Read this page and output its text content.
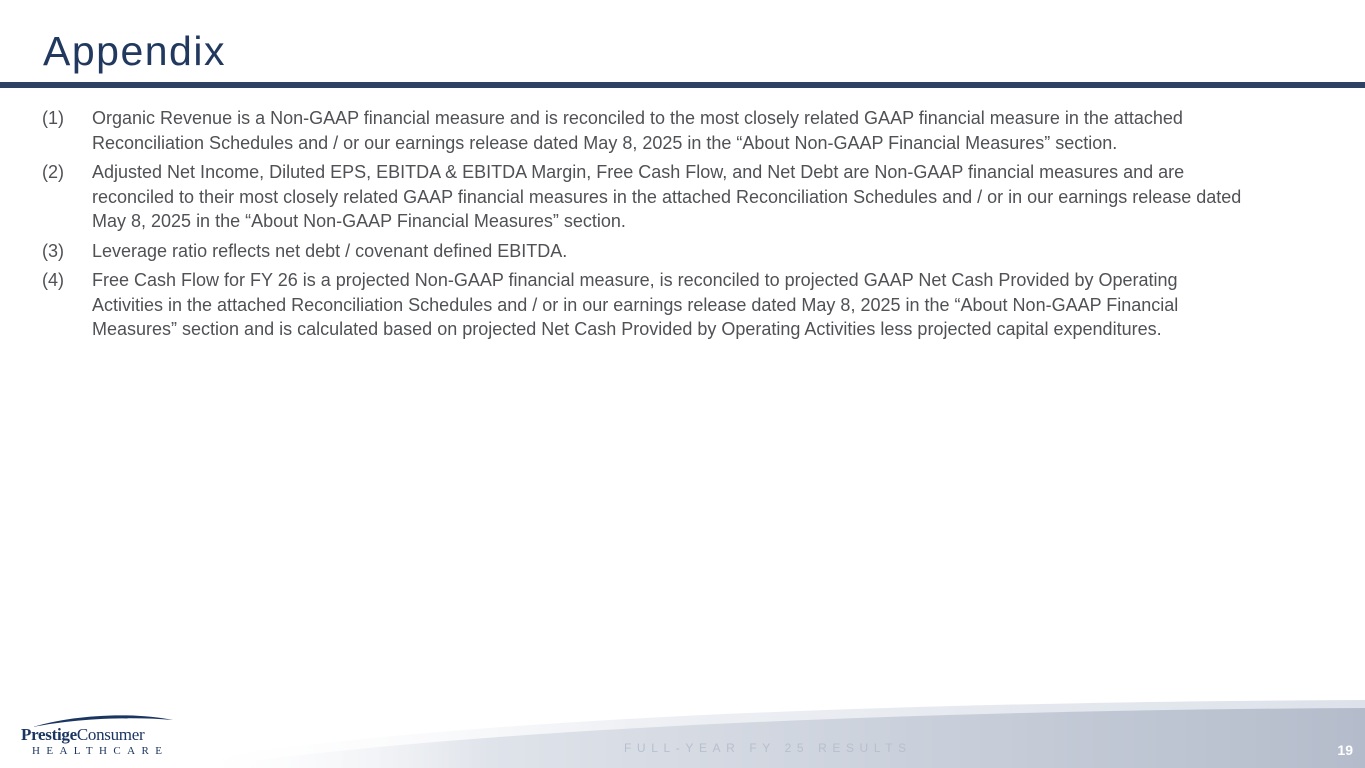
Appendix
(1)	Organic Revenue is a Non-GAAP financial measure and is reconciled to the most closely related GAAP financial measure in the attached Reconciliation Schedules and / or our earnings release dated May 8, 2025 in the “About Non-GAAP Financial Measures” section.
(2)	Adjusted Net Income, Diluted EPS, EBITDA & EBITDA Margin, Free Cash Flow, and Net Debt are Non-GAAP financial measures and are reconciled to their most closely related GAAP financial measures in the attached Reconciliation Schedules and / or in our earnings release dated May 8, 2025 in the “About Non-GAAP Financial Measures” section.
(3)	Leverage ratio reflects net debt / covenant defined EBITDA.
(4)	Free Cash Flow for FY 26 is a projected Non-GAAP financial measure, is reconciled to projected GAAP Net Cash Provided by Operating Activities in the attached Reconciliation Schedules and / or in our earnings release dated May 8, 2025 in the “About Non-GAAP Financial Measures” section and is calculated based on projected Net Cash Provided by Operating Activities less projected capital expenditures.
PrestigeConsumer
HEALTHCARE	FULL-YEAR FY 25 RESULTS	19
